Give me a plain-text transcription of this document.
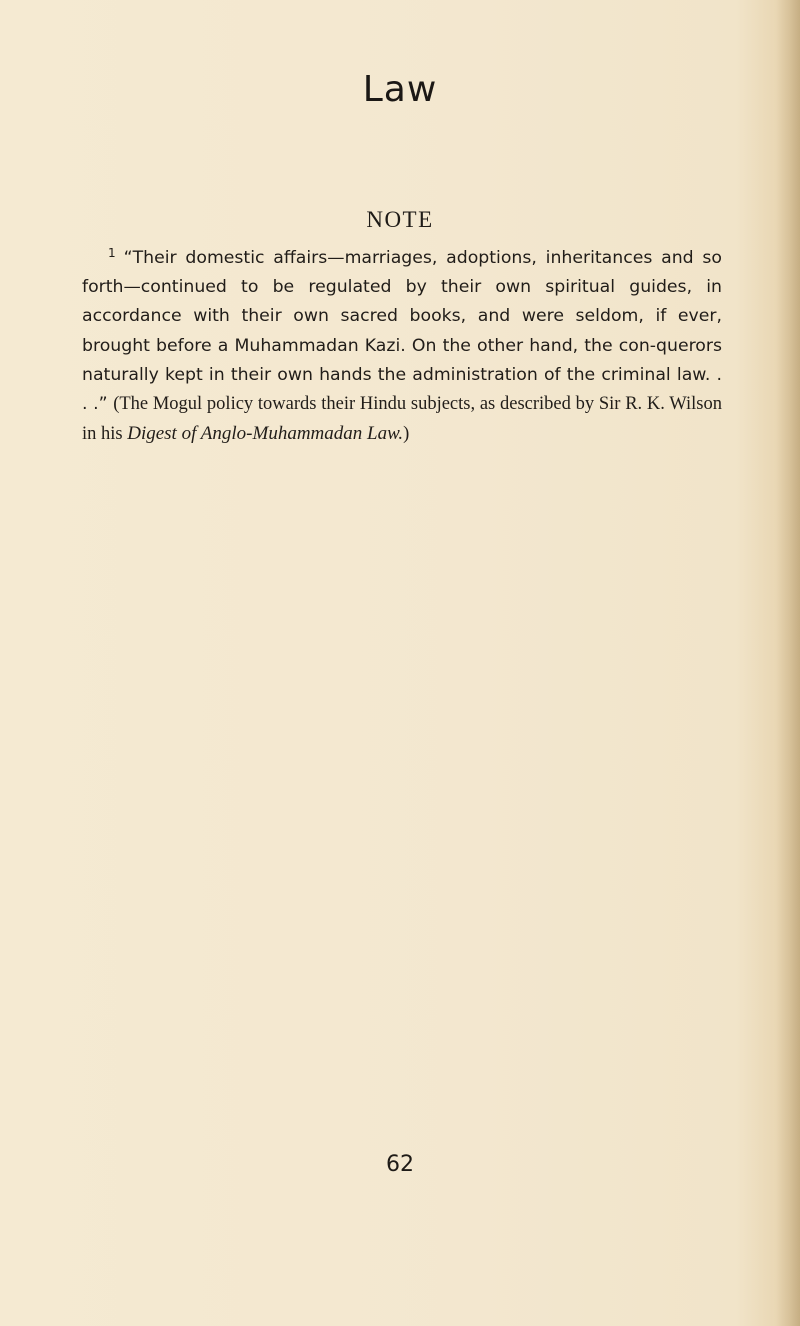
Law
NOTE

$^1$ “Their domestic affairs—marriages, adoptions, inheritances and so forth—continued to be regulated by their own spiritual guides, in accordance with their own sacred books, and were seldom, if ever, brought before a Muhammadan Kazi. On the other hand, the con-querors naturally kept in their own hands the administration of the criminal law. . . .” (The Mogul policy towards their Hindu subjects, as described by Sir R. K. Wilson in his Digest of Anglo-Muhammadan Law.)

62
